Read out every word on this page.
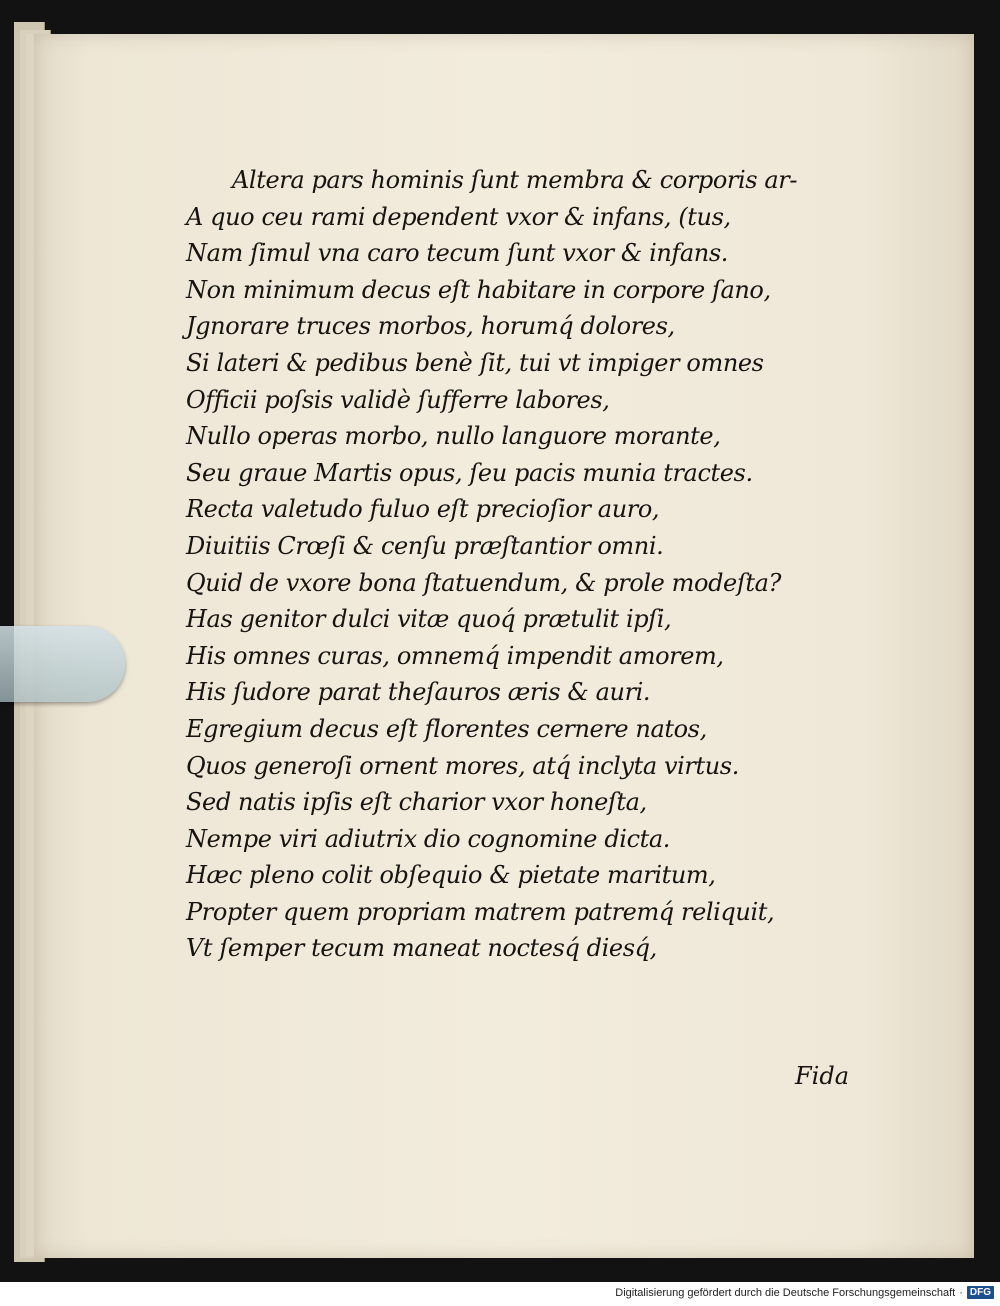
Altera pars hominis ſunt membra & corporis ar-
A quo ceu rami dependent vxor & infans, (tus,
Nam ſimul vna caro tecum ſunt vxor & infans.
Non minimum decus eſt habitare in corpore ſano,
Jgnorare truces morbos, horumq́ dolores,
Si lateri & pedibus benè ſit, tui vt impiger omnes
Officii poſsis validè ſufferre labores,
Nullo operas morbo, nullo languore morante,
Seu graue Martis opus, ſeu pacis munia tractes.
Recta valetudo fuluo eſt precioſior auro,
Diuitiis Crœſi & cenſu præſtantior omni.
Quid de vxore bona ſtatuendum, & prole modeſta?
Has genitor dulci vitæ quoq́ prætulit ipſi,
His omnes curas, omnemq́ impendit amorem,
His ſudore parat theſauros æris & auri.
Egregium decus eſt florentes cernere natos,
Quos generoſi ornent mores, atq́ inclyta virtus.
Sed natis ipſis eſt charior vxor honeſta,
Nempe viri adiutrix dio cognomine dicta.
Hæc pleno colit obſequio & pietate maritum,
Propter quem propriam matrem patremq́ reliquit,
Vt ſemper tecum maneat noctesq́ diesq́,
Fida
Digitalisierung gefördert durch die Deutsche Forschungsgemeinschaft · DFG
